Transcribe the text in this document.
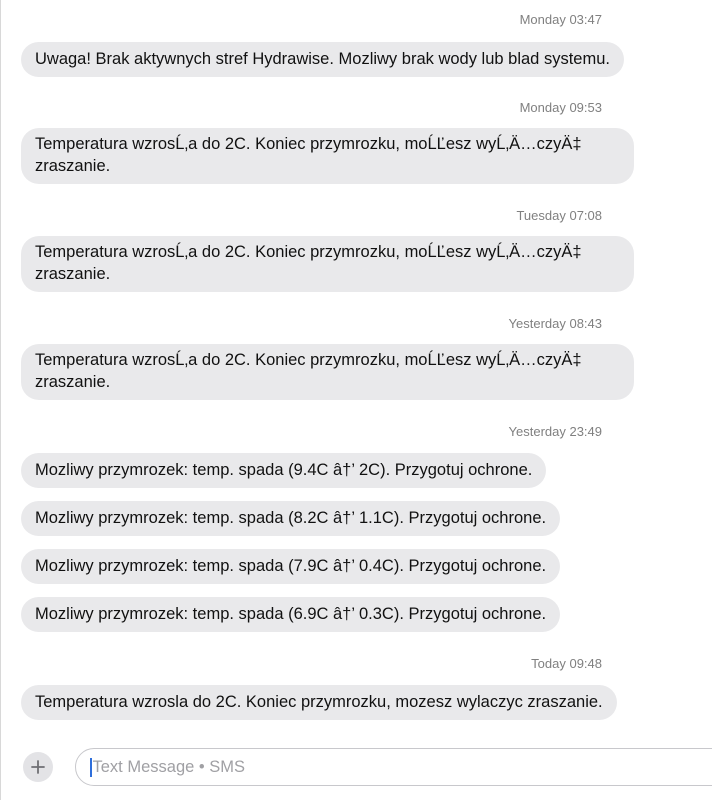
Monday 03:47
Uwaga! Brak aktywnych stref Hydrawise. Mozliwy brak wody lub blad systemu.
Monday 09:53
Temperatura wzrosĹ‚a do 2C. Koniec przymrozku, moĹĽesz wyĹ‚Ä…czyÄ‡ zraszanie.
Tuesday 07:08
Temperatura wzrosĹ‚a do 2C. Koniec przymrozku, moĹĽesz wyĹ‚Ä…czyÄ‡ zraszanie.
Yesterday 08:43
Temperatura wzrosĹ‚a do 2C. Koniec przymrozku, moĹĽesz wyĹ‚Ä…czyÄ‡ zraszanie.
Yesterday 23:49
Mozliwy przymrozek: temp. spada (9.4C â†’ 2C). Przygotuj ochrone.
Mozliwy przymrozek: temp. spada (8.2C â†’ 1.1C). Przygotuj ochrone.
Mozliwy przymrozek: temp. spada (7.9C â†’ 0.4C). Przygotuj ochrone.
Mozliwy przymrozek: temp. spada (6.9C â†’ 0.3C). Przygotuj ochrone.
Today 09:48
Temperatura wzrosla do 2C. Koniec przymrozku, mozesz wylaczyc zraszanie.
Text Message • SMS
